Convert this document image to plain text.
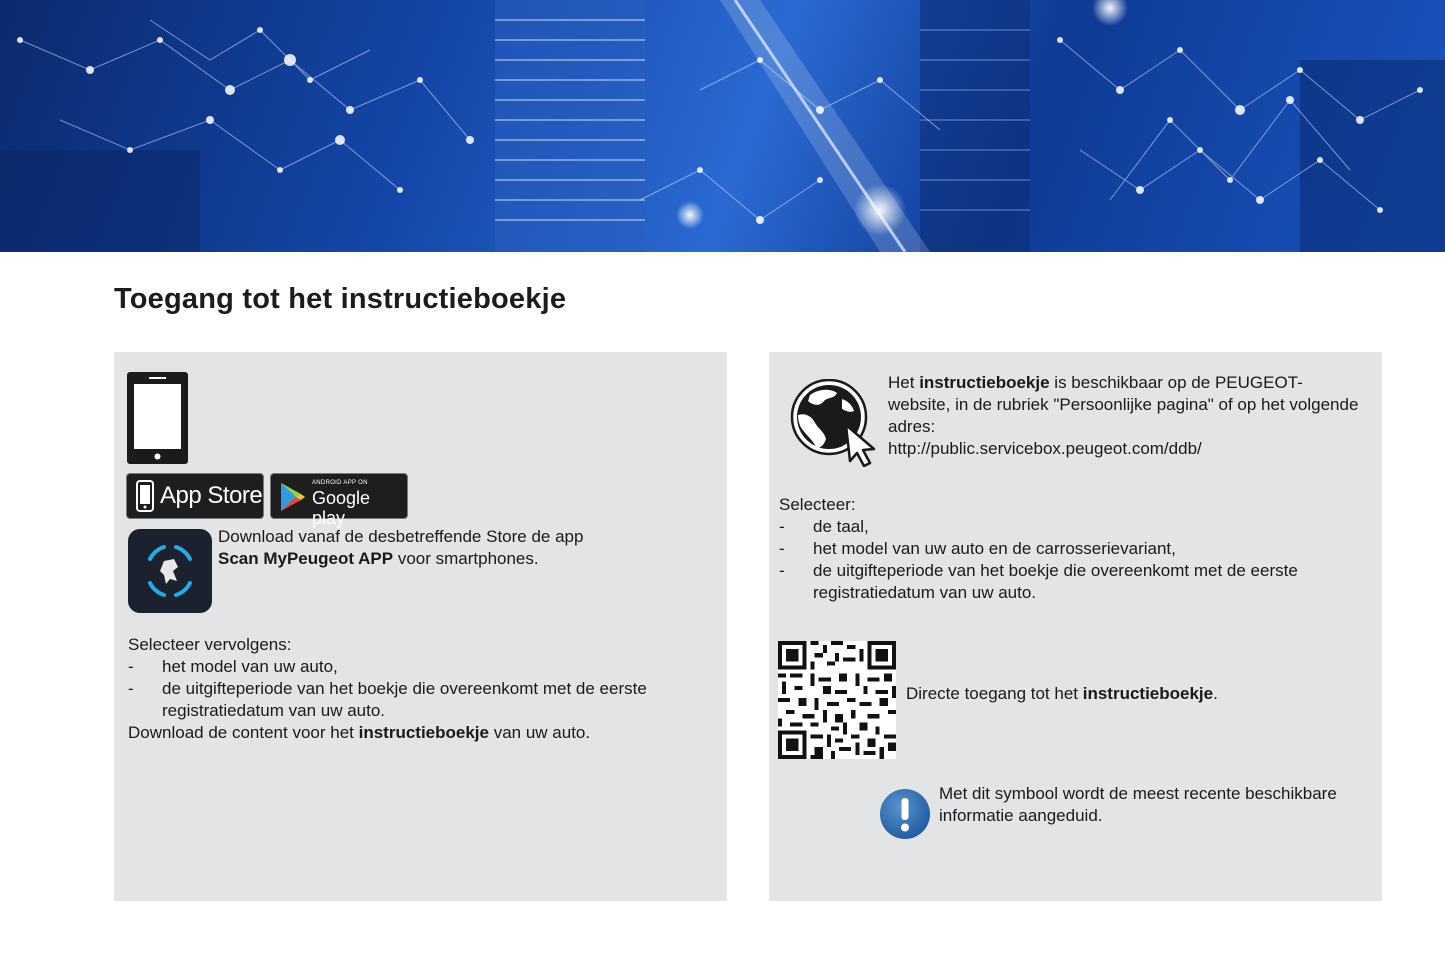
Toegang tot het instructieboekje
App Store	ANDROID APP ON
Google play
Download vanaf de desbetreffende Store de app
Scan MyPeugeot APP voor smartphones.
Selecteer vervolgens:
- het model van uw auto,
- de uitgifteperiode van het boekje die overeenkomt met de eerste registratiedatum van uw auto.
Download de content voor het instructieboekje van uw auto.
Het instructieboekje is beschikbaar op de PEUGEOT-website, in de rubriek "Persoonlijke pagina" of op het volgende adres:
http://public.servicebox.peugeot.com/ddb/
Selecteer:
- de taal,
- het model van uw auto en de carrosserievariant,
- de uitgifteperiode van het boekje die overeenkomt met de eerste registratiedatum van uw auto.
Directe toegang tot het instructieboekje.
Met dit symbool wordt de meest recente beschikbare informatie aangeduid.
